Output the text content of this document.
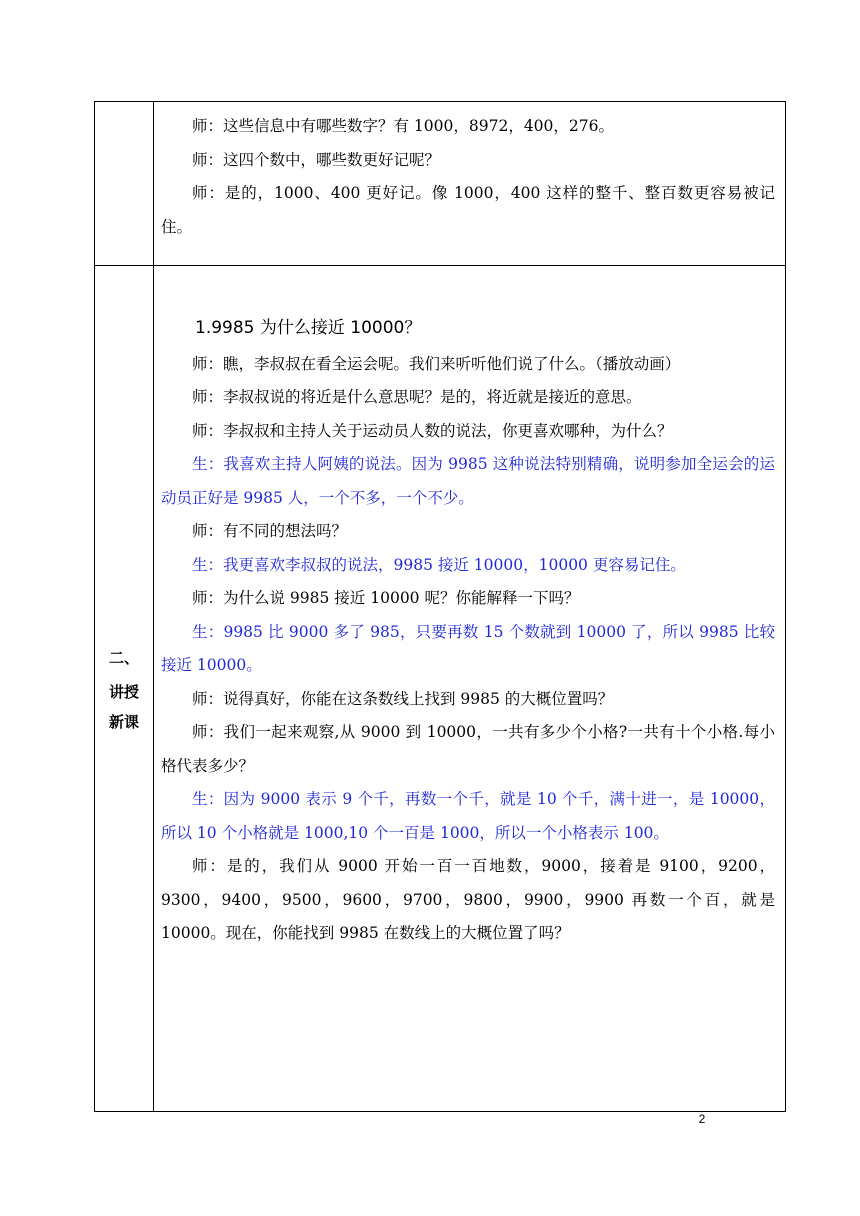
师：这些信息中有哪些数字？有 1000，8972，400，276。

师：这四个数中，哪些数更好记呢？

师：是的，1000、400 更好记。像 1000，400 这样的整千、整百数更容易被记住。

二、
讲授
新课

1.9985 为什么接近 10000？

师：瞧，李叔叔在看全运会呢。我们来听听他们说了什么。（播放动画）

师：李叔叔说的将近是什么意思呢？是的，将近就是接近的意思。

师：李叔叔和主持人关于运动员人数的说法，你更喜欢哪种，为什么？

生：我喜欢主持人阿姨的说法。因为 9985 这种说法特别精确，说明参加全运会的运动员正好是 9985 人，一个不多，一个不少。

师：有不同的想法吗？

生：我更喜欢李叔叔的说法，9985 接近 10000，10000 更容易记住。

师：为什么说 9985 接近 10000 呢？你能解释一下吗？

生：9985 比 9000 多了 985，只要再数 15 个数就到 10000 了，所以 9985 比较接近 10000。

师：说得真好，你能在这条数线上找到 9985 的大概位置吗？

师：我们一起来观察,从 9000 到 10000，一共有多少个小格?一共有十个小格.每小格代表多少？

生：因为 9000 表示 9 个千，再数一个千，就是 10 个千，满十进一，是 10000，所以 10 个小格就是 1000,10 个一百是 1000，所以一个小格表示 100。

师：是的，我们从 9000 开始一百一百地数，9000，接着是 9100，9200，9300，9400，9500，9600，9700，9800，9900，9900 再数一个百，就是 10000。现在，你能找到 9985 在数线上的大概位置了吗？

2
